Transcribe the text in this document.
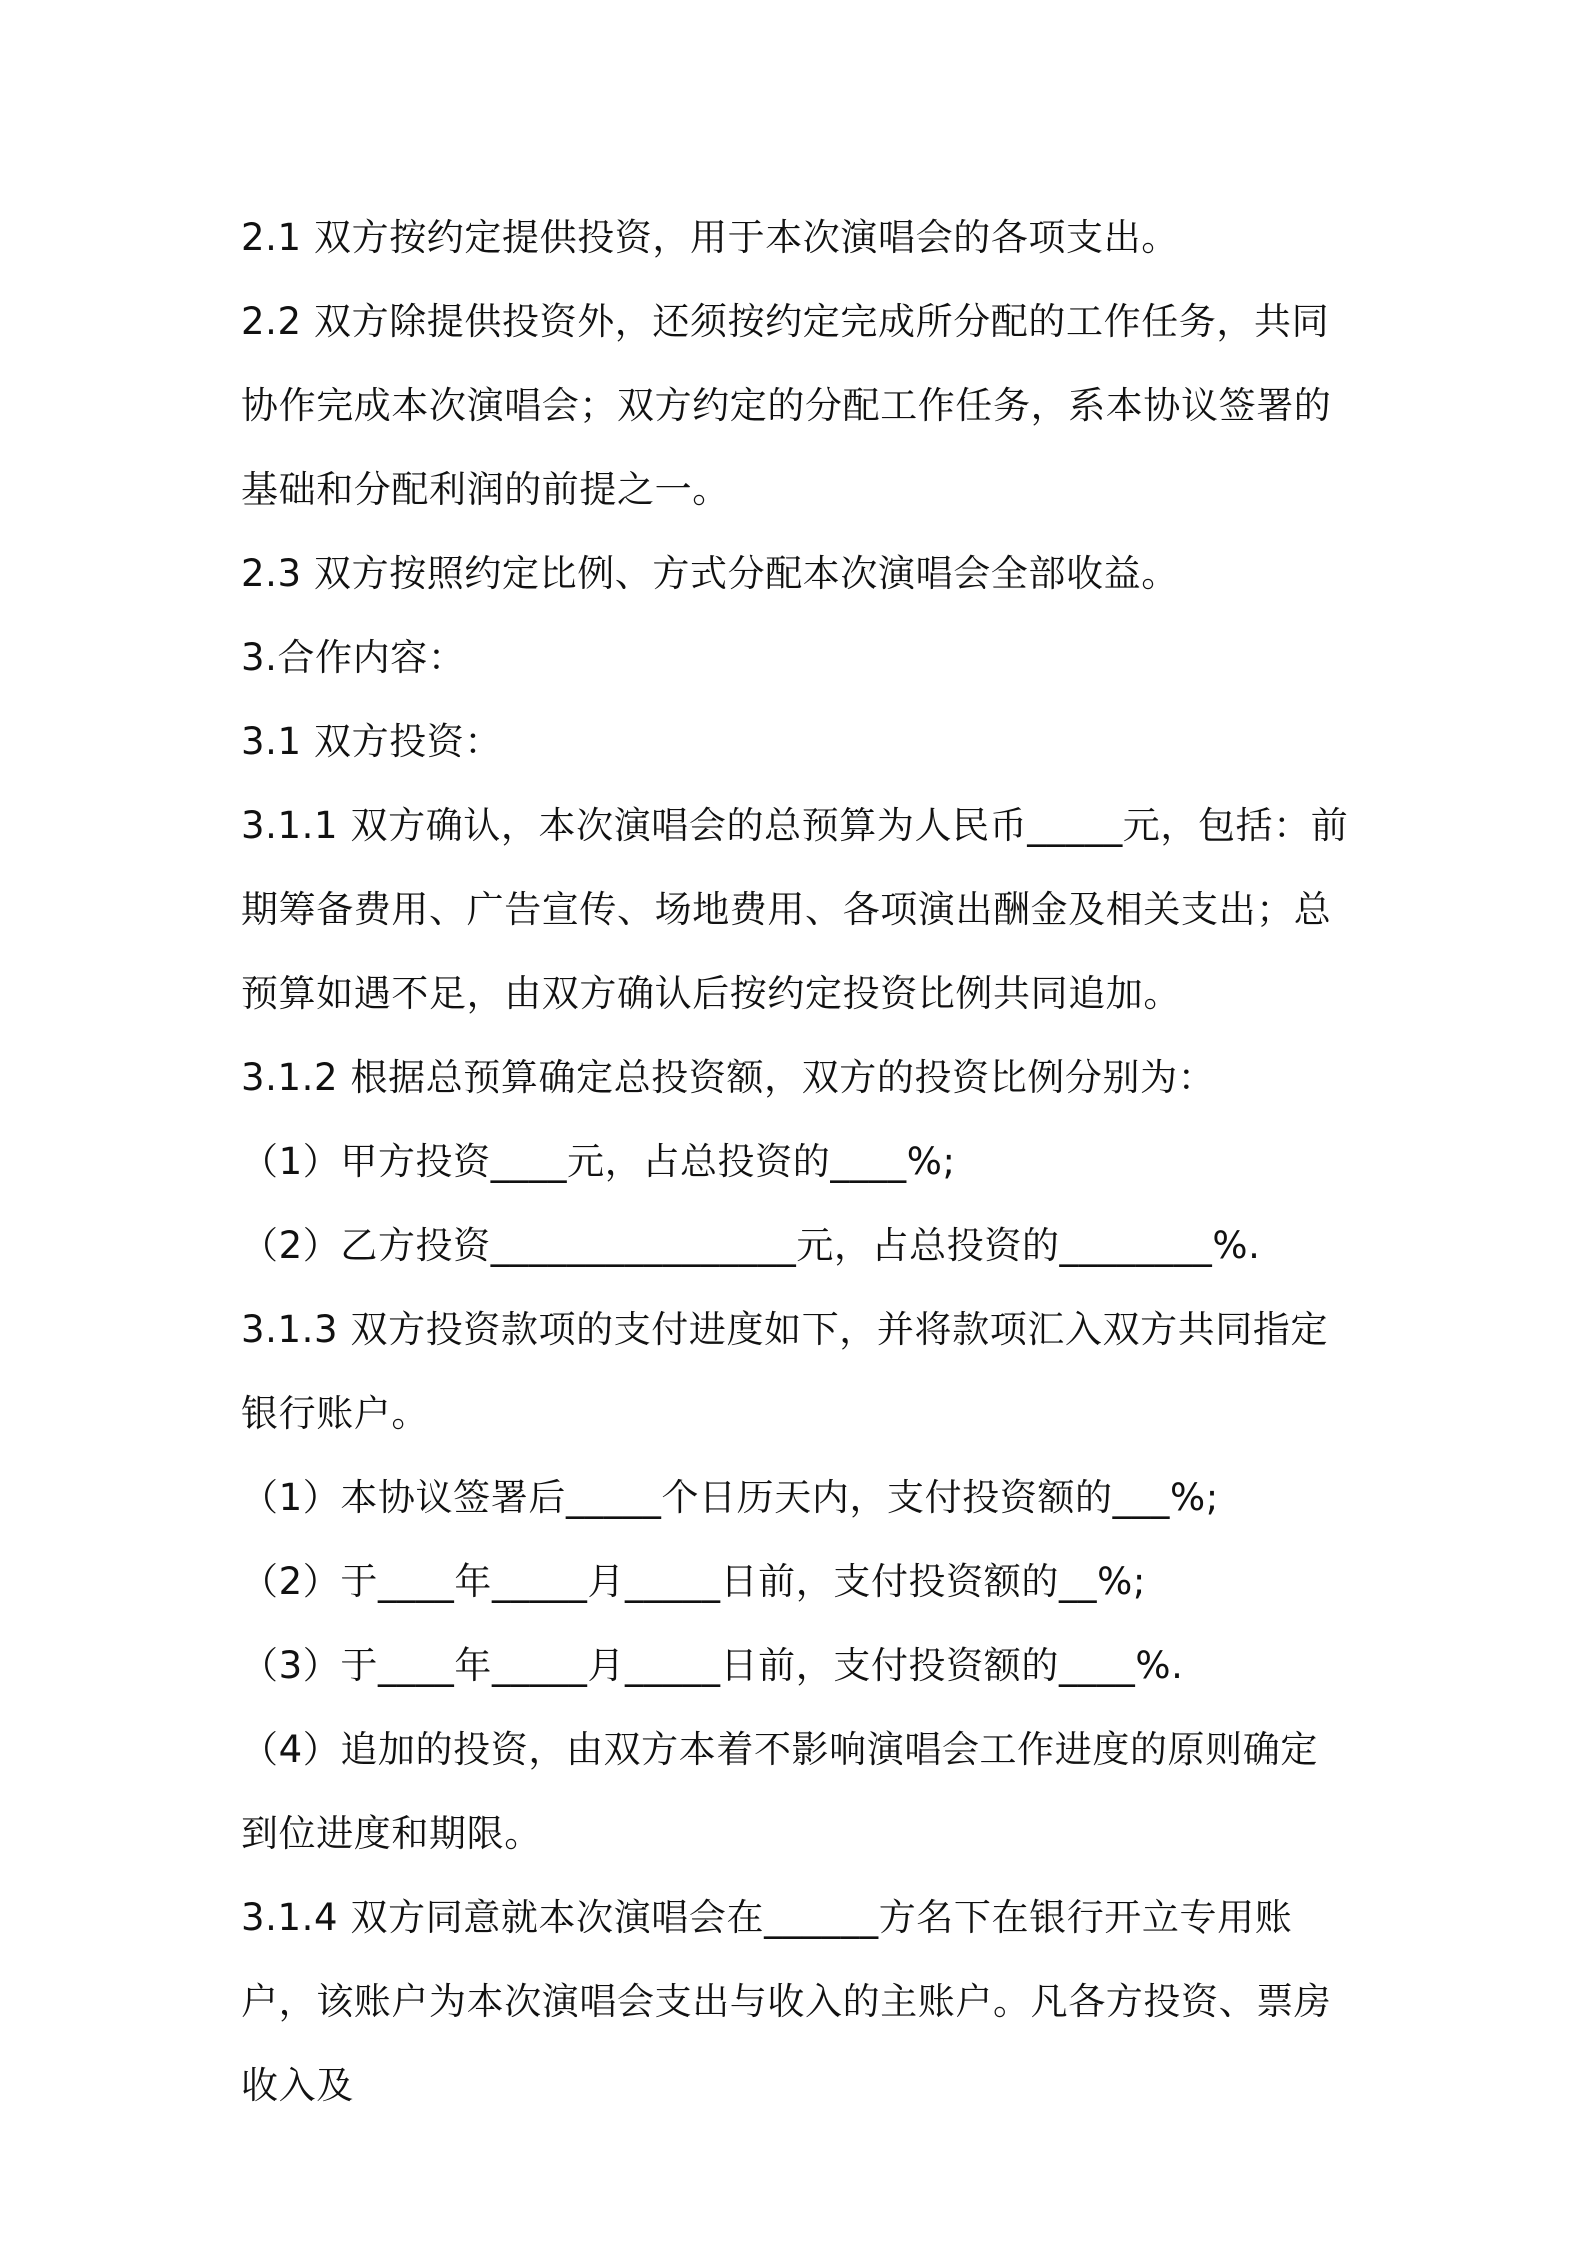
2.1 双方按约定提供投资，用于本次演唱会的各项支出。

2.2 双方除提供投资外，还须按约定完成所分配的工作任务，共同协作完成本次演唱会；双方约定的分配工作任务，系本协议签署的基础和分配利润的前提之一。

2.3 双方按照约定比例、方式分配本次演唱会全部收益。

3.合作内容：

3.1 双方投资：

3.1.1 双方确认，本次演唱会的总预算为人民币_____元，包括：前期筹备费用、广告宣传、场地费用、各项演出酬金及相关支出；总预算如遇不足，由双方确认后按约定投资比例共同追加。

3.1.2 根据总预算确定总投资额，双方的投资比例分别为：

（1）甲方投资____元，占总投资的____%;

（2）乙方投资________________元，占总投资的________%.

3.1.3 双方投资款项的支付进度如下，并将款项汇入双方共同指定银行账户。

（1）本协议签署后_____个日历天内，支付投资额的___%;

（2）于____年_____月_____日前，支付投资额的__%;

（3）于____年_____月_____日前，支付投资额的____%.

（4）追加的投资，由双方本着不影响演唱会工作进度的原则确定到位进度和期限。

3.1.4 双方同意就本次演唱会在______方名下在银行开立专用账户，该账户为本次演唱会支出与收入的主账户。凡各方投资、票房收入及
